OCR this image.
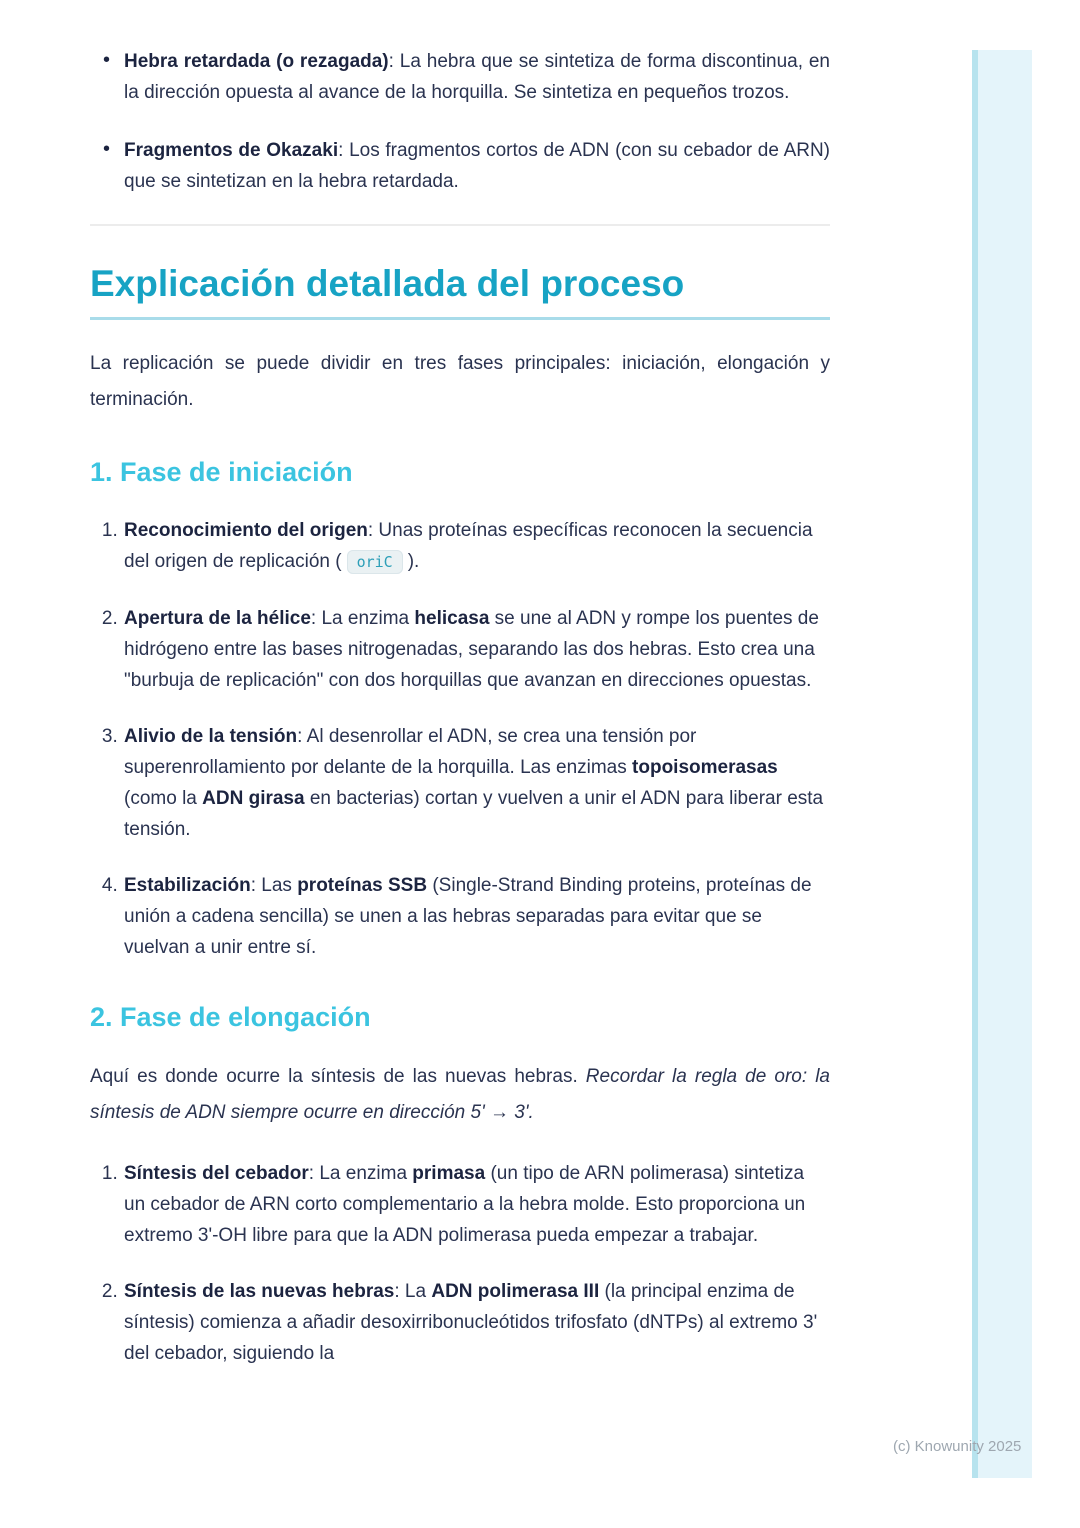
(c) Knowunity 2025
• Hebra retardada (o rezagada): La hebra que se sintetiza de forma discontinua, en la dirección opuesta al avance de la horquilla. Se sintetiza en pequeños trozos.
• Fragmentos de Okazaki: Los fragmentos cortos de ADN (con su cebador de ARN) que se sintetizan en la hebra retardada.
Explicación detallada del proceso

La replicación se puede dividir en tres fases principales: iniciación, elongación y terminación.

1. Fase de iniciación
1. Reconocimiento del origen: Unas proteínas específicas reconocen la secuencia del origen de replicación ( oriC ).
2. Apertura de la hélice: La enzima helicasa se une al ADN y rompe los puentes de hidrógeno entre las bases nitrogenadas, separando las dos hebras. Esto crea una "burbuja de replicación" con dos horquillas que avanzan en direcciones opuestas.
3. Alivio de la tensión: Al desenrollar el ADN, se crea una tensión por superenrollamiento por delante de la horquilla. Las enzimas topoisomerasas (como la ADN girasa en bacterias) cortan y vuelven a unir el ADN para liberar esta tensión.
4. Estabilización: Las proteínas SSB (Single-Strand Binding proteins, proteínas de unión a cadena sencilla) se unen a las hebras separadas para evitar que se vuelvan a unir entre sí.
2. Fase de elongación

Aquí es donde ocurre la síntesis de las nuevas hebras. Recordar la regla de oro: la síntesis de ADN siempre ocurre en dirección 5' → 3'.

1. Síntesis del cebador: La enzima primasa (un tipo de ARN polimerasa) sintetiza un cebador de ARN corto complementario a la hebra molde. Esto proporciona un extremo 3'-OH libre para que la ADN polimerasa pueda empezar a trabajar.
2. Síntesis de las nuevas hebras: La ADN polimerasa III (la principal enzima de síntesis) comienza a añadir desoxirribonucleótidos trifosfato (dNTPs) al extremo 3' del cebador, siguiendo la
